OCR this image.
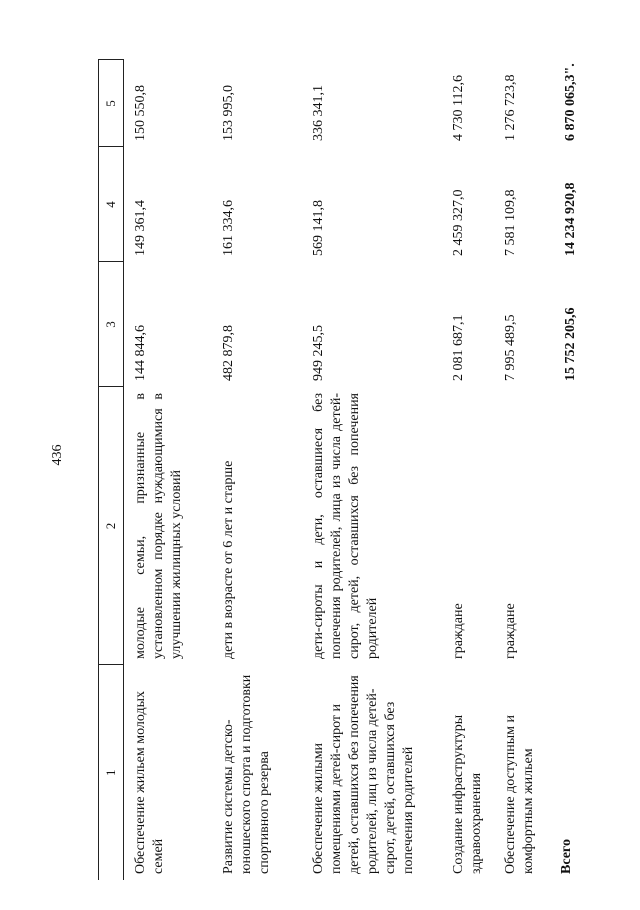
436
1	2	3	4	5
Обеспечение жильем молодых семей	молодые семьи, признанные в установленном порядке нуждающимися в улучшении жилищных условий	144 844,6	149 361,4	150 550,8
Развитие системы детско-юношеского спорта и подготовки спортивного резерва	дети в возрасте от 6 лет и старше	482 879,8	161 334,6	153 995,0
Обеспечение жилыми помещениями детей-сирот и детей, оставшихся без попечения родителей, лиц из числа детей-сирот, детей, оставшихся без попечения родителей	дети-сироты и дети, оставшиеся без попечения родителей, лица из числа детей-сирот, детей, оставшихся без попечения родителей	949 245,5	569 141,8	336 341,1
Создание инфраструктуры здравоохранения	граждане	2 081 687,1	2 459 327,0	4 730 112,6
Обеспечение доступным и комфортным жильем	граждане	7 995 489,5	7 581 109,8	1 276 723,8
Всего		15 752 205,6	14 234 920,8	6 870 065,3".
